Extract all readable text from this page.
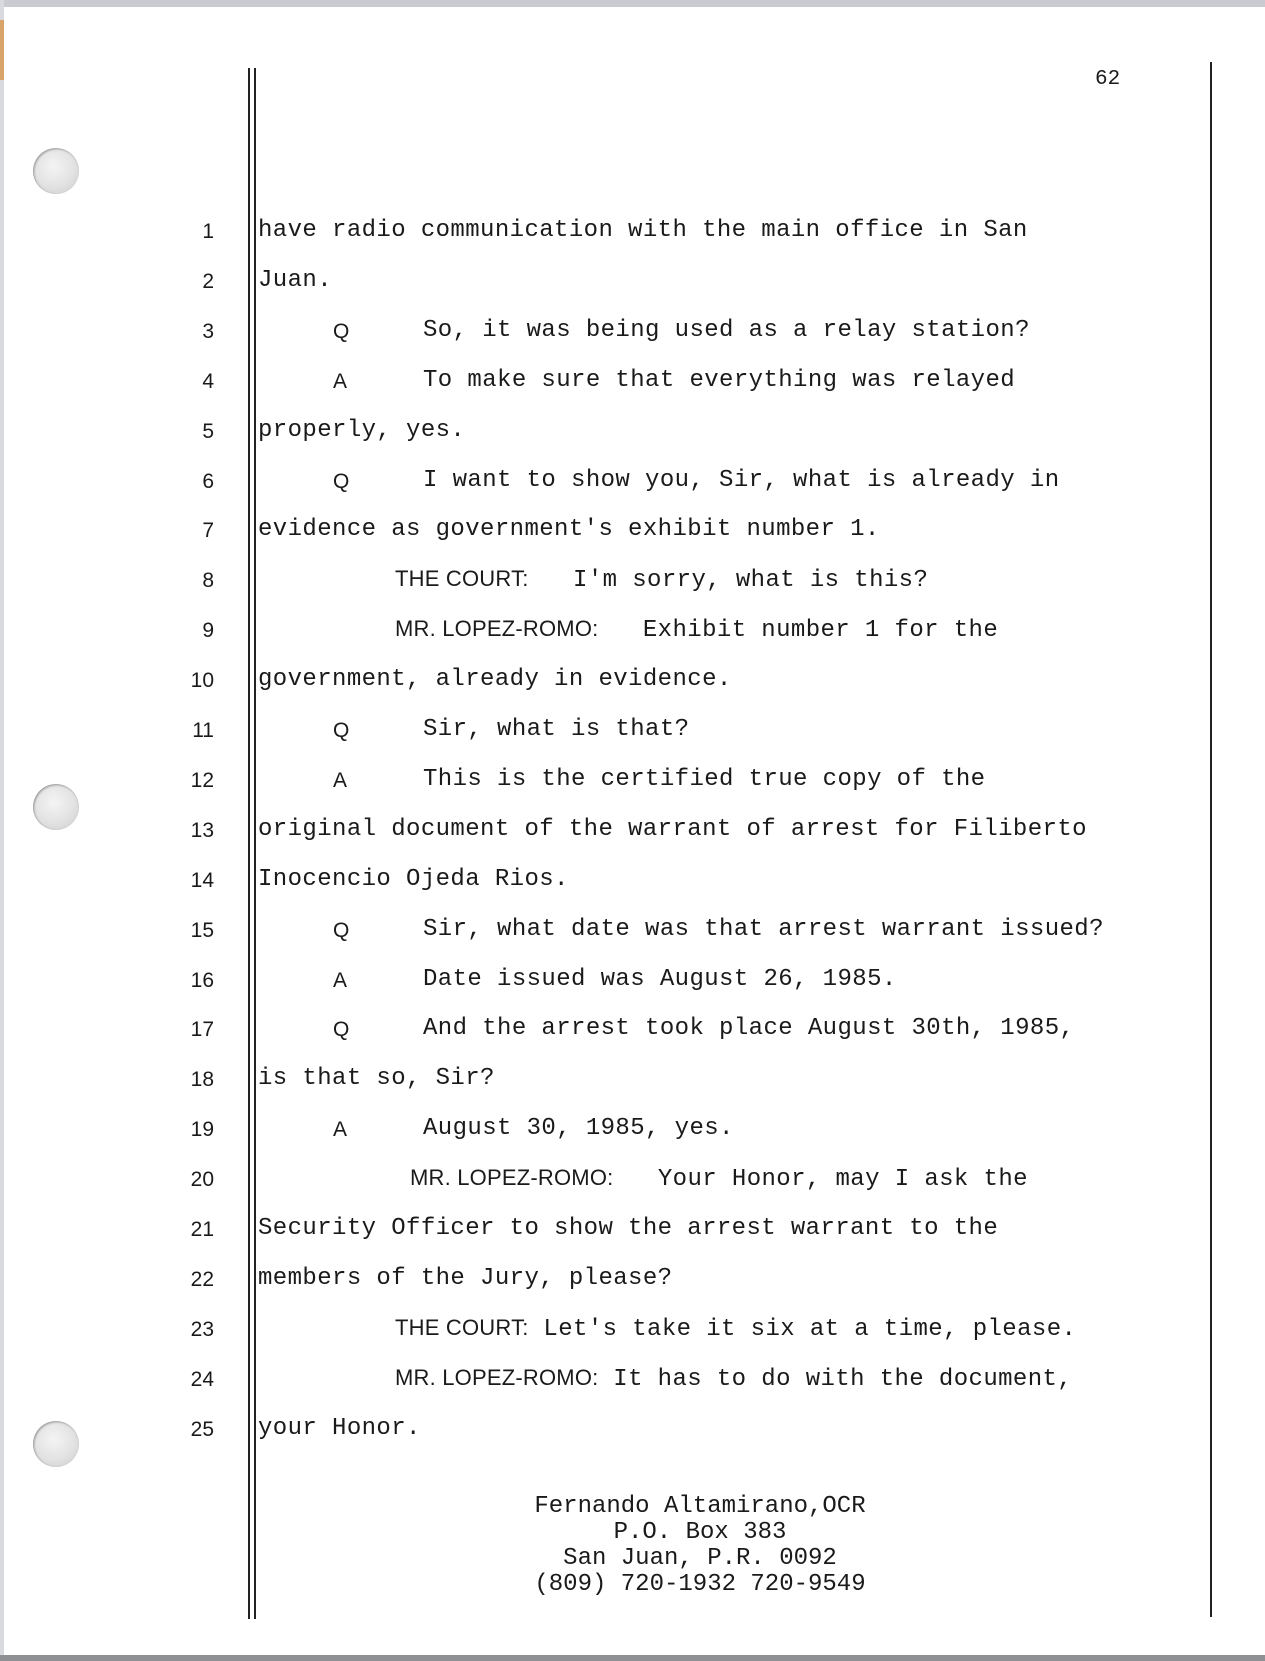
62
1 have radio communication with the main office in San
2 Juan.
3	Q	So, it was being used as a relay station?
4	A	To make sure that everything was relayed
5 properly, yes.
6	Q	I want to show you, Sir, what is already in
7 evidence as government's exhibit number 1.
8	THE COURT: I'm sorry, what is this?
9	MR. LOPEZ-ROMO: Exhibit number 1 for the
10 government, already in evidence.
11	Q	Sir, what is that?
12	A	This is the certified true copy of the
13 original document of the warrant of arrest for Filiberto
14 Inocencio Ojeda Rios.
15	Q	Sir, what date was that arrest warrant issued?
16	A	Date issued was August 26, 1985.
17	Q	And the arrest took place August 30th, 1985,
18 is that so, Sir?
19	A	August 30, 1985, yes.
20	MR. LOPEZ-ROMO: Your Honor, may I ask the
21 Security Officer to show the arrest warrant to the
22 members of the Jury, please?
23	THE COURT: Let's take it six at a time, please.
24	MR. LOPEZ-ROMO: It has to do with the document,
25 your Honor.
Fernando Altamirano,OCR
P.O. Box 383
San Juan, P.R. 0092
(809) 720-1932 720-9549
